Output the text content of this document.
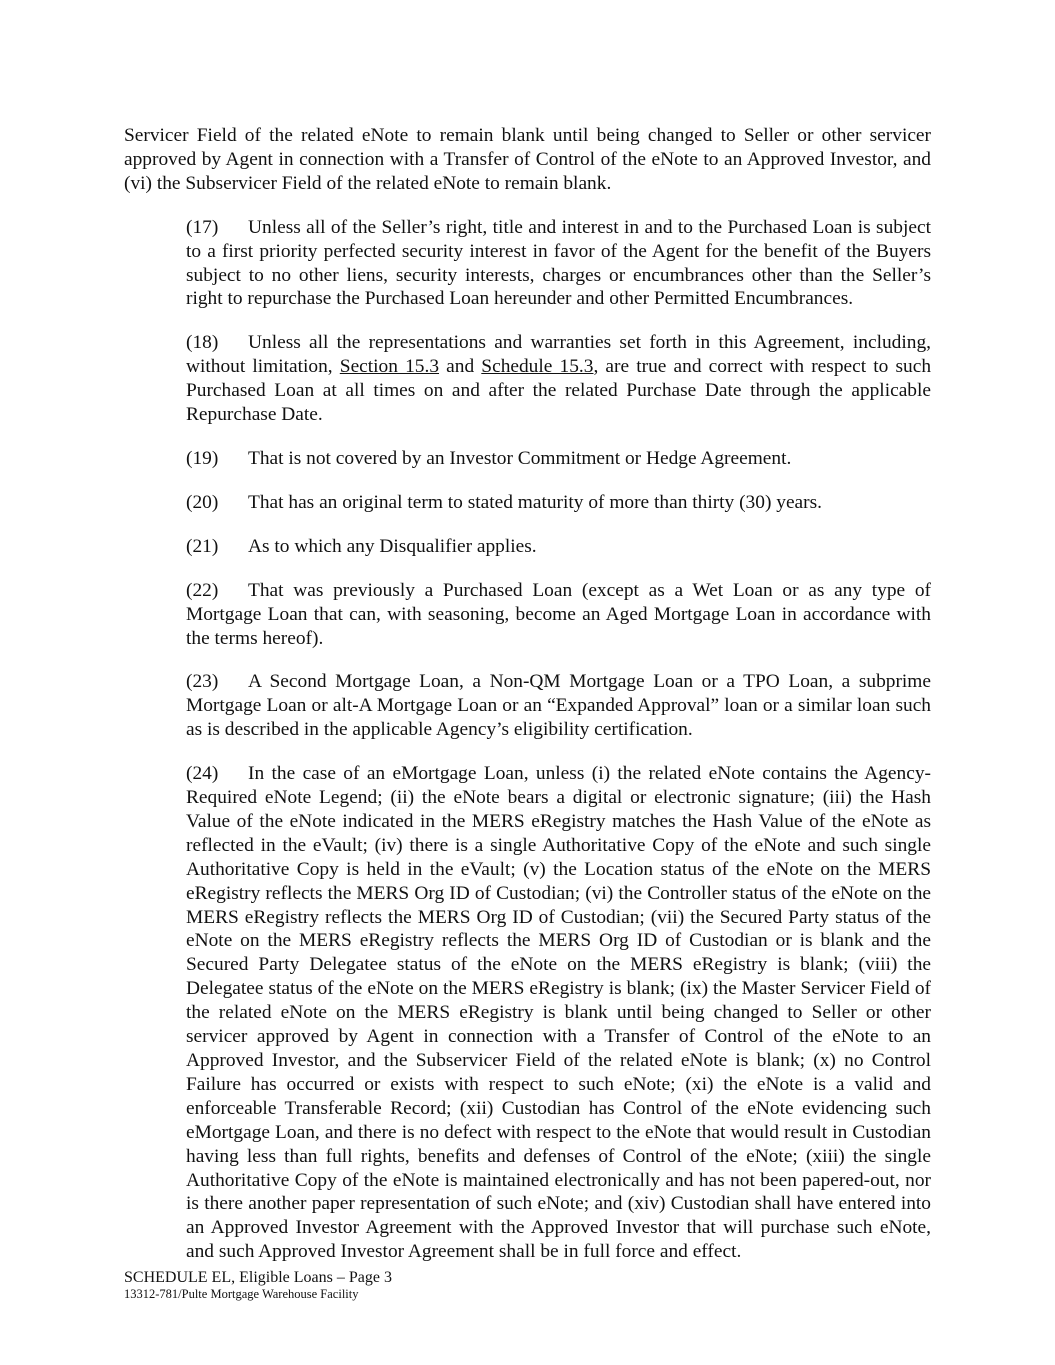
Servicer Field of the related eNote to remain blank until being changed to Seller or other servicer approved by Agent in connection with a Transfer of Control of the eNote to an Approved Investor, and (vi) the Subservicer Field of the related eNote to remain blank.

(17) Unless all of the Seller’s right, title and interest in and to the Purchased Loan is subject to a first priority perfected security interest in favor of the Agent for the benefit of the Buyers subject to no other liens, security interests, charges or encumbrances other than the Seller’s right to repurchase the Purchased Loan hereunder and other Permitted Encumbrances.

(18) Unless all the representations and warranties set forth in this Agreement, including, without limitation, Section 15.3 and Schedule 15.3, are true and correct with respect to such Purchased Loan at all times on and after the related Purchase Date through the applicable Repurchase Date.

(19) That is not covered by an Investor Commitment or Hedge Agreement.

(20) That has an original term to stated maturity of more than thirty (30) years.

(21) As to which any Disqualifier applies.

(22) That was previously a Purchased Loan (except as a Wet Loan or as any type of Mortgage Loan that can, with seasoning, become an Aged Mortgage Loan in accordance with the terms hereof).

(23) A Second Mortgage Loan, a Non-QM Mortgage Loan or a TPO Loan, a subprime Mortgage Loan or alt-A Mortgage Loan or an “Expanded Approval” loan or a similar loan such as is described in the applicable Agency’s eligibility certification.

(24) In the case of an eMortgage Loan, unless (i) the related eNote contains the Agency-Required eNote Legend; (ii) the eNote bears a digital or electronic signature; (iii) the Hash Value of the eNote indicated in the MERS eRegistry matches the Hash Value of the eNote as reflected in the eVault; (iv) there is a single Authoritative Copy of the eNote and such single Authoritative Copy is held in the eVault; (v) the Location status of the eNote on the MERS eRegistry reflects the MERS Org ID of Custodian; (vi) the Controller status of the eNote on the MERS eRegistry reflects the MERS Org ID of Custodian; (vii) the Secured Party status of the eNote on the MERS eRegistry reflects the MERS Org ID of Custodian or is blank and the Secured Party Delegatee status of the eNote on the MERS eRegistry is blank; (viii) the Delegatee status of the eNote on the MERS eRegistry is blank; (ix) the Master Servicer Field of the related eNote on the MERS eRegistry is blank until being changed to Seller or other servicer approved by Agent in connection with a Transfer of Control of the eNote to an Approved Investor, and the Subservicer Field of the related eNote is blank; (x) no Control Failure has occurred or exists with respect to such eNote; (xi) the eNote is a valid and enforceable Transferable Record; (xii) Custodian has Control of the eNote evidencing such eMortgage Loan, and there is no defect with respect to the eNote that would result in Custodian having less than full rights, benefits and defenses of Control of the eNote; (xiii) the single Authoritative Copy of the eNote is maintained electronically and has not been papered-out, nor is there another paper representation of such eNote; and (xiv) Custodian shall have entered into an Approved Investor Agreement with the Approved Investor that will purchase such eNote, and such Approved Investor Agreement shall be in full force and effect.

SCHEDULE EL, Eligible Loans – Page 3
13312-781/Pulte Mortgage Warehouse Facility
